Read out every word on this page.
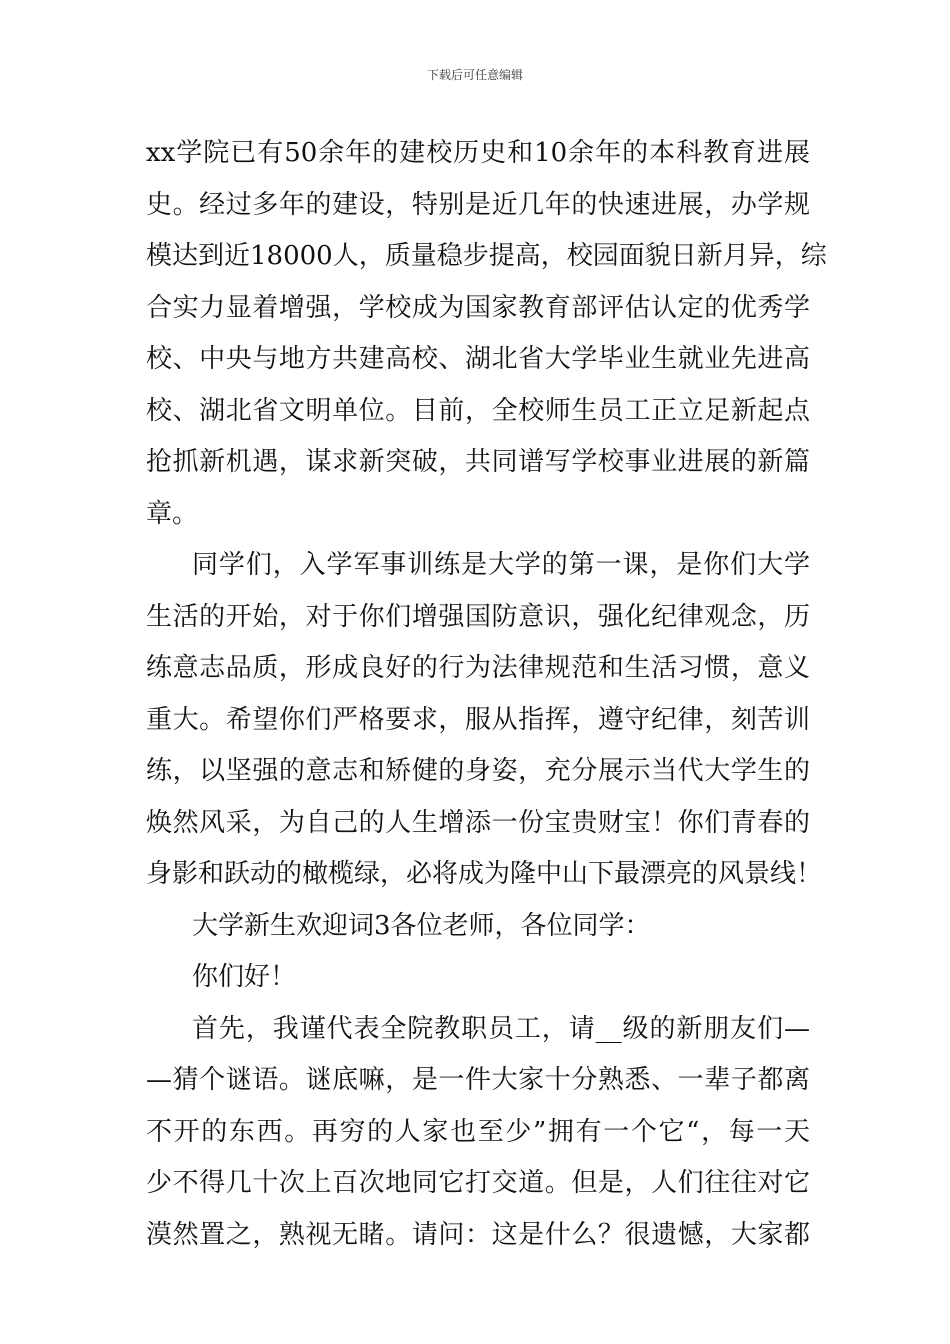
下载后可任意编辑
xx学院已有50余年的建校历史和10余年的本科教育进展
史。经过多年的建设，特别是近几年的快速进展，办学规
模达到近18000人，质量稳步提高，校园面貌日新月异，综
合实力显着增强，学校成为国家教育部评估认定的优秀学
校、中央与地方共建高校、湖北省大学毕业生就业先进高
校、湖北省文明单位。目前，全校师生员工正立足新起点
抢抓新机遇，谋求新突破，共同谱写学校事业进展的新篇
章。
同学们，入学军事训练是大学的第一课，是你们大学
生活的开始，对于你们增强国防意识，强化纪律观念，历
练意志品质，形成良好的行为法律规范和生活习惯，意义
重大。希望你们严格要求，服从指挥，遵守纪律，刻苦训
练，以坚强的意志和矫健的身姿，充分展示当代大学生的
焕然风采，为自己的人生增添一份宝贵财宝！你们青春的
身影和跃动的橄榄绿，必将成为隆中山下最漂亮的风景线！
大学新生欢迎词3各位老师，各位同学：
你们好！
首先，我谨代表全院教职员工，请__级的新朋友们—
—猜个谜语。谜底嘛，是一件大家十分熟悉、一辈子都离
不开的东西。再穷的人家也至少”拥有一个它“，每一天
少不得几十次上百次地同它打交道。但是，人们往往对它
漠然置之，熟视无睹。请问：这是什么？很遗憾，大家都
